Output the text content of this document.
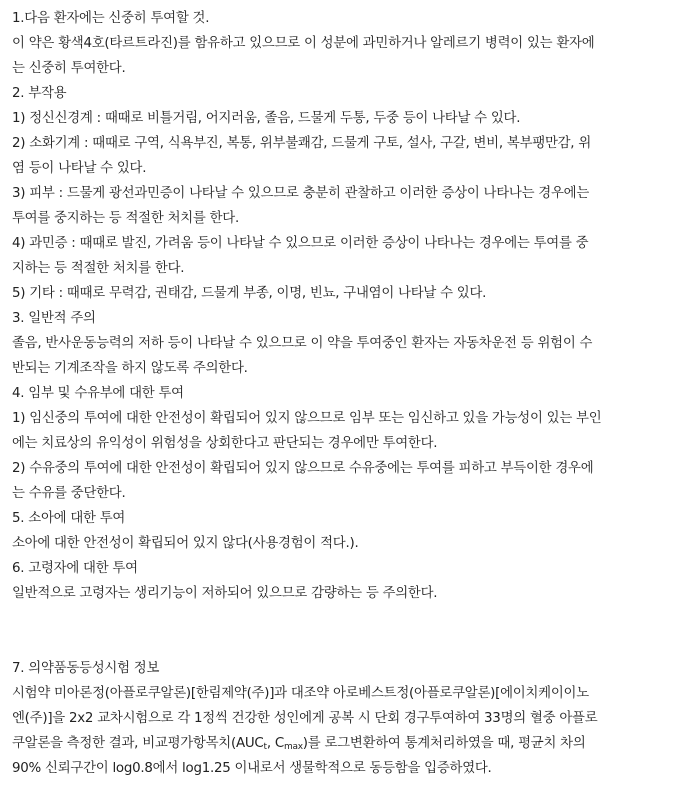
1.다음 환자에는 신중히 투여할 것.
이 약은 황색4호(타르트라진)를 함유하고 있으므로 이 성분에 과민하거나 알레르기 병력이 있는 환자에
는 신중히 투여한다.
2. 부작용
1) 정신신경계 : 때때로 비틀거림, 어지러움, 졸음, 드물게 두통, 두중 등이 나타날 수 있다.
2) 소화기계 : 때때로 구역, 식욕부진, 복통, 위부불쾌감, 드물게 구토, 설사, 구갈, 변비, 복부팽만감, 위
염 등이 나타날 수 있다.
3) 피부 : 드물게 광선과민증이 나타날 수 있으므로 충분히 관찰하고 이러한 증상이 나타나는 경우에는
투여를 중지하는 등 적절한 처치를 한다.
4) 과민증 : 때때로 발진, 가려움 등이 나타날 수 있으므로 이러한 증상이 나타나는 경우에는 투여를 중
지하는 등 적절한 처치를 한다.
5) 기타 : 때때로 무력감, 권태감, 드물게 부종, 이명, 빈뇨, 구내염이 나타날 수 있다.
3. 일반적 주의
졸음, 반사운동능력의 저하 등이 나타날 수 있으므로 이 약을 투여중인 환자는 자동차운전 등 위험이 수
반되는 기계조작을 하지 않도록 주의한다.
4. 임부 및 수유부에 대한 투여
1) 임신중의 투여에 대한 안전성이 확립되어 있지 않으므로 임부 또는 임신하고 있을 가능성이 있는 부인
에는 치료상의 유익성이 위험성을 상회한다고 판단되는 경우에만 투여한다.
2) 수유중의 투여에 대한 안전성이 확립되어 있지 않으므로 수유중에는 투여를 피하고 부득이한 경우에
는 수유를 중단한다.
5. 소아에 대한 투여
소아에 대한 안전성이 확립되어 있지 않다(사용경험이 적다.).
6. 고령자에 대한 투여
일반적으로 고령자는 생리기능이 저하되어 있으므로 감량하는 등 주의한다.
7. 의약품동등성시험 정보
시험약 미아론정(아플로쿠알론)[한림제약(주)]과 대조약 아로베스트정(아플로쿠알론)[에이치케이이노
엔(주)]을 2x2 교차시험으로 각 1정씩 건강한 성인에게 공복 시 단회 경구투여하여 33명의 혈중 아플로
쿠알론을 측정한 결과, 비교평가항목치($AUC_t$, $C_{max}$)를 로그변환하여 통계처리하였을 때, 평균치 차의
90% 신뢰구간이 log0.8에서 log1.25 이내로서 생물학적으로 동등함을 입증하였다.
